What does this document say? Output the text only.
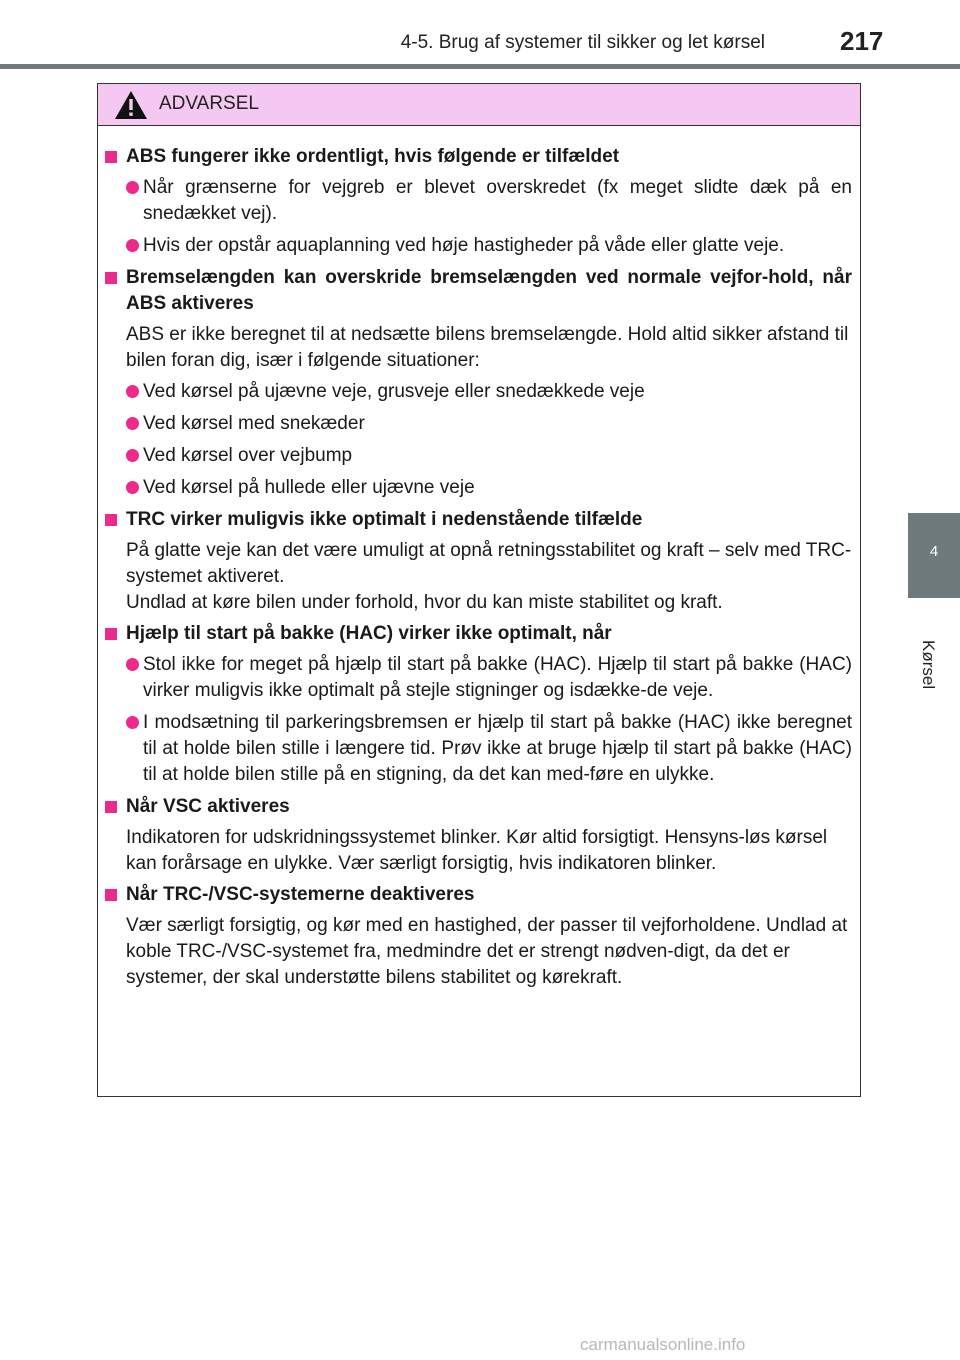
4-5. Brug af systemer til sikker og let kørsel	217
4
Kørsel
ADVARSEL
ABS fungerer ikke ordentligt, hvis følgende er tilfældet
Når grænserne for vejgreb er blevet overskredet (fx meget slidte dæk på en snedækket vej).
Hvis der opstår aquaplanning ved høje hastigheder på våde eller glatte veje.
Bremselængden kan overskride bremselængden ved normale vejfor-hold, når ABS aktiveres
ABS er ikke beregnet til at nedsætte bilens bremselængde. Hold altid sikker afstand til bilen foran dig, især i følgende situationer:
Ved kørsel på ujævne veje, grusveje eller snedækkede veje
Ved kørsel med snekæder
Ved kørsel over vejbump
Ved kørsel på hullede eller ujævne veje
TRC virker muligvis ikke optimalt i nedenstående tilfælde
På glatte veje kan det være umuligt at opnå retningsstabilitet og kraft – selv med TRC-systemet aktiveret.
Undlad at køre bilen under forhold, hvor du kan miste stabilitet og kraft.
Hjælp til start på bakke (HAC) virker ikke optimalt, når
Stol ikke for meget på hjælp til start på bakke (HAC). Hjælp til start på bakke (HAC) virker muligvis ikke optimalt på stejle stigninger og isdække-de veje.
I modsætning til parkeringsbremsen er hjælp til start på bakke (HAC) ikke beregnet til at holde bilen stille i længere tid. Prøv ikke at bruge hjælp til start på bakke (HAC) til at holde bilen stille på en stigning, da det kan med-føre en ulykke.
Når VSC aktiveres
Indikatoren for udskridningssystemet blinker. Kør altid forsigtigt. Hensyns-løs kørsel kan forårsage en ulykke. Vær særligt forsigtig, hvis indikatoren blinker.
Når TRC-/VSC-systemerne deaktiveres
Vær særligt forsigtig, og kør med en hastighed, der passer til vejforholdene. Undlad at koble TRC-/VSC-systemet fra, medmindre det er strengt nødven-digt, da det er systemer, der skal understøtte bilens stabilitet og kørekraft.
carmanualsonline.info
